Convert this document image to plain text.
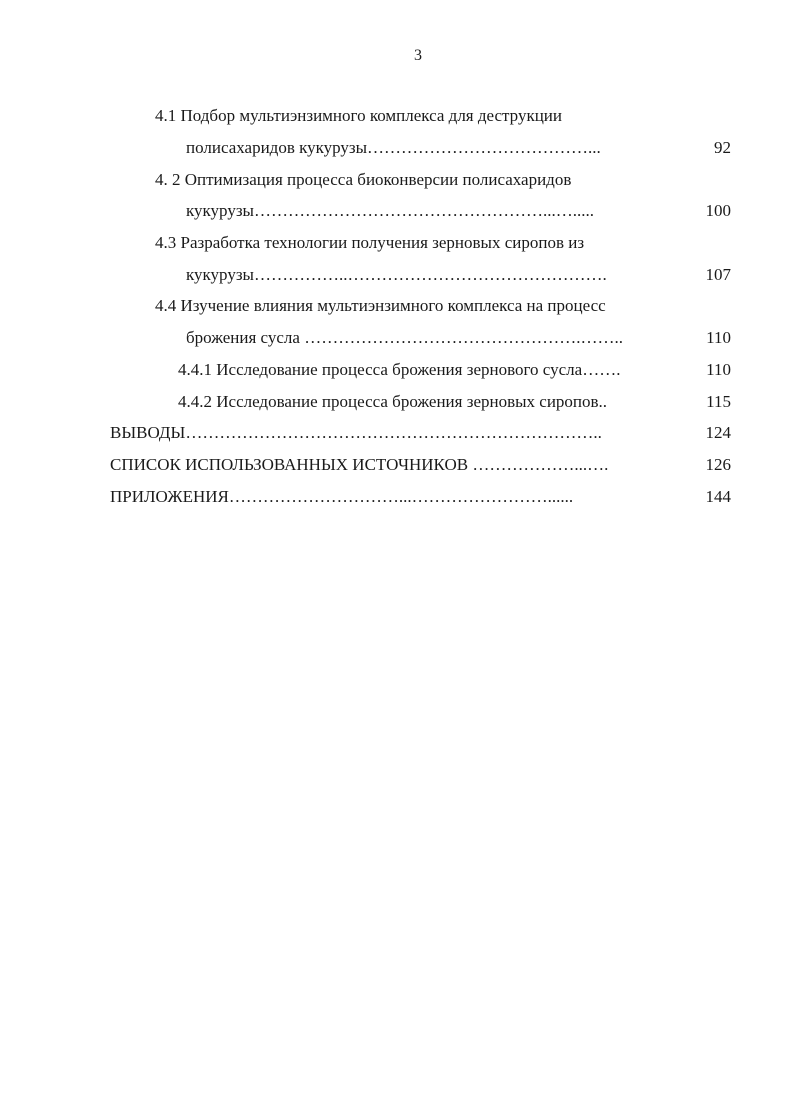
3
4.1 Подбор мультиэнзимного комплекса для деструкции
полисахаридов кукурузы…………………………………...	92
4. 2 Оптимизация процесса биоконверсии полисахаридов
кукурузы……………………………………………...….....	100
4.3 Разработка технологии получения зерновых сиропов из
кукурузы……………..……………………………………….	107
4.4 Изучение влияния мультиэнзимного комплекса на процесс
брожения сусла ………………………………………….……..	110
4.4.1 Исследование процесса брожения зернового сусла…….	110
4.4.2 Исследование процесса брожения зерновых сиропов..	115
ВЫВОДЫ………………………………………………………………..	124
СПИСОК ИСПОЛЬЗОВАННЫХ ИСТОЧНИКОВ ………………...….	126
ПРИЛОЖЕНИЯ…………………………...……………………......	144
